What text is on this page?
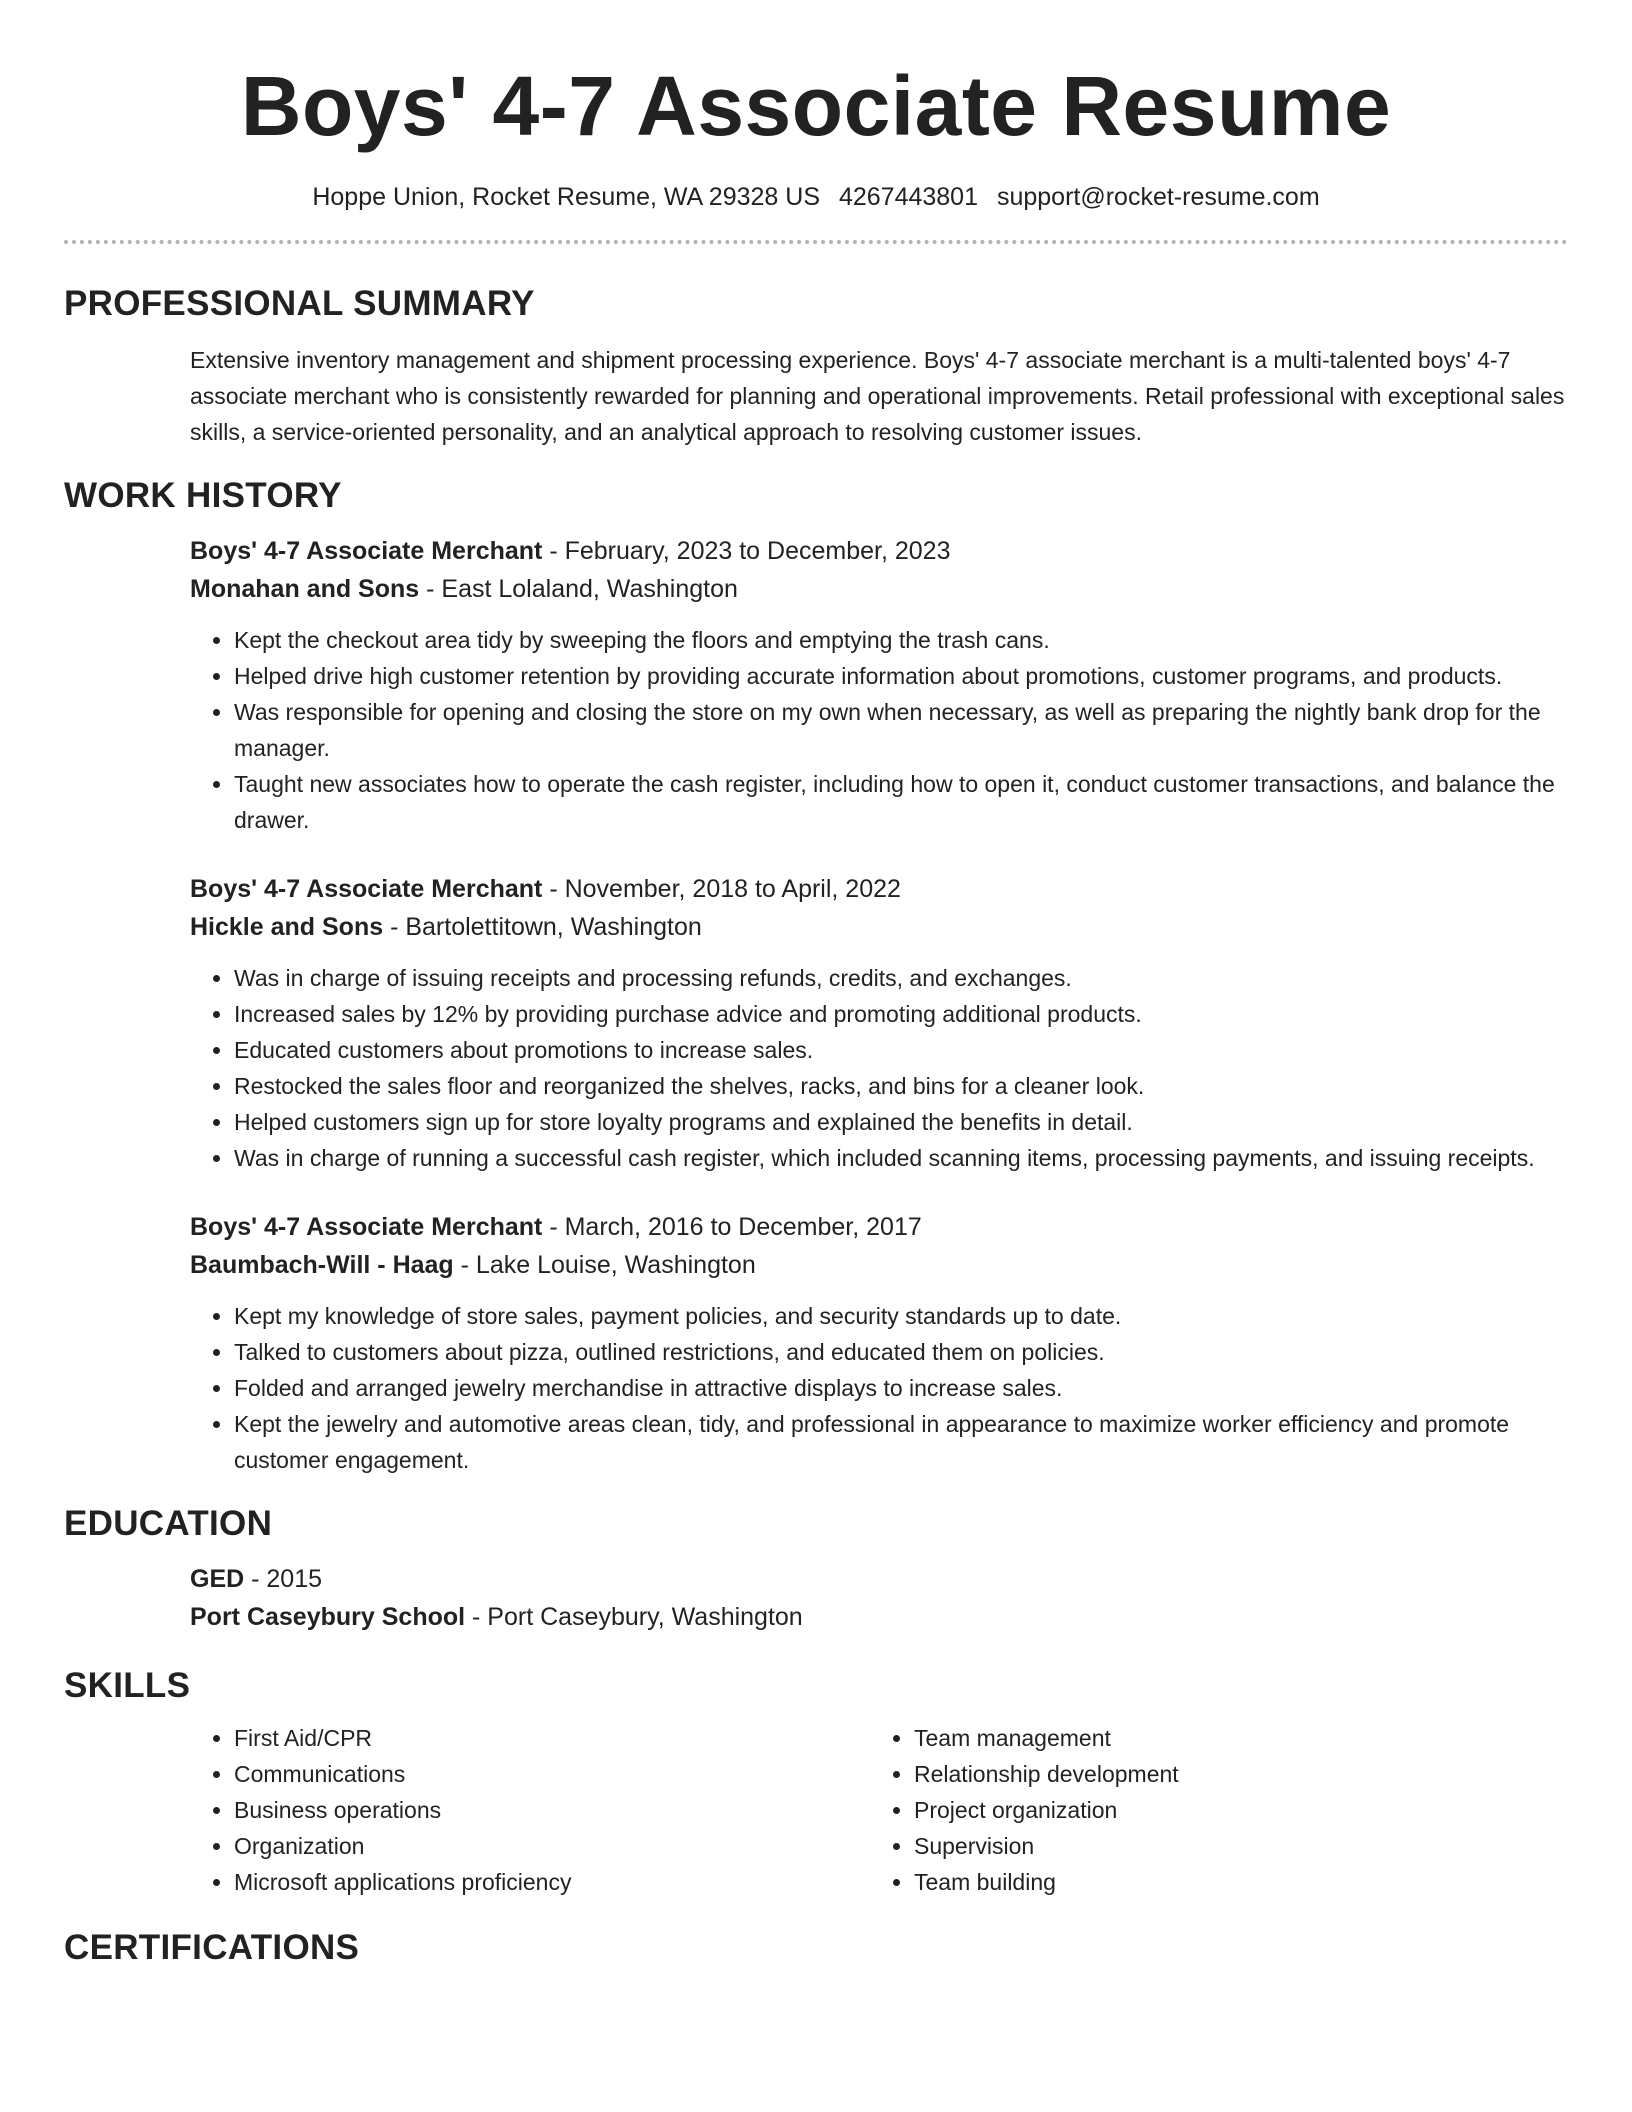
Boys' 4-7 Associate Resume
Hoppe Union, Rocket Resume, WA 29328 US 4267443801 support@rocket-resume.com
PROFESSIONAL SUMMARY

Extensive inventory management and shipment processing experience. Boys' 4-7 associate merchant is a multi-talented boys' 4-7 associate merchant who is consistently rewarded for planning and operational improvements. Retail professional with exceptional sales skills, a service-oriented personality, and an analytical approach to resolving customer issues.

WORK HISTORY
Boys' 4-7 Associate Merchant - February, 2023 to December, 2023
Monahan and Sons - East Lolaland, Washington
• Kept the checkout area tidy by sweeping the floors and emptying the trash cans.
• Helped drive high customer retention by providing accurate information about promotions, customer programs, and products.
• Was responsible for opening and closing the store on my own when necessary, as well as preparing the nightly bank drop for the manager.
• Taught new associates how to operate the cash register, including how to open it, conduct customer transactions, and balance the drawer.
Boys' 4-7 Associate Merchant - November, 2018 to April, 2022
Hickle and Sons - Bartolettitown, Washington
• Was in charge of issuing receipts and processing refunds, credits, and exchanges.
• Increased sales by 12% by providing purchase advice and promoting additional products.
• Educated customers about promotions to increase sales.
• Restocked the sales floor and reorganized the shelves, racks, and bins for a cleaner look.
• Helped customers sign up for store loyalty programs and explained the benefits in detail.
• Was in charge of running a successful cash register, which included scanning items, processing payments, and issuing receipts.
Boys' 4-7 Associate Merchant - March, 2016 to December, 2017
Baumbach-Will - Haag - Lake Louise, Washington
• Kept my knowledge of store sales, payment policies, and security standards up to date.
• Talked to customers about pizza, outlined restrictions, and educated them on policies.
• Folded and arranged jewelry merchandise in attractive displays to increase sales.
• Kept the jewelry and automotive areas clean, tidy, and professional in appearance to maximize worker efficiency and promote customer engagement.
EDUCATION
GED - 2015
Port Caseybury School - Port Caseybury, Washington
SKILLS
• First Aid/CPR
• Communications
• Business operations
• Organization
• Microsoft applications proficiency
• Team management
• Relationship development
• Project organization
• Supervision
• Team building
CERTIFICATIONS
